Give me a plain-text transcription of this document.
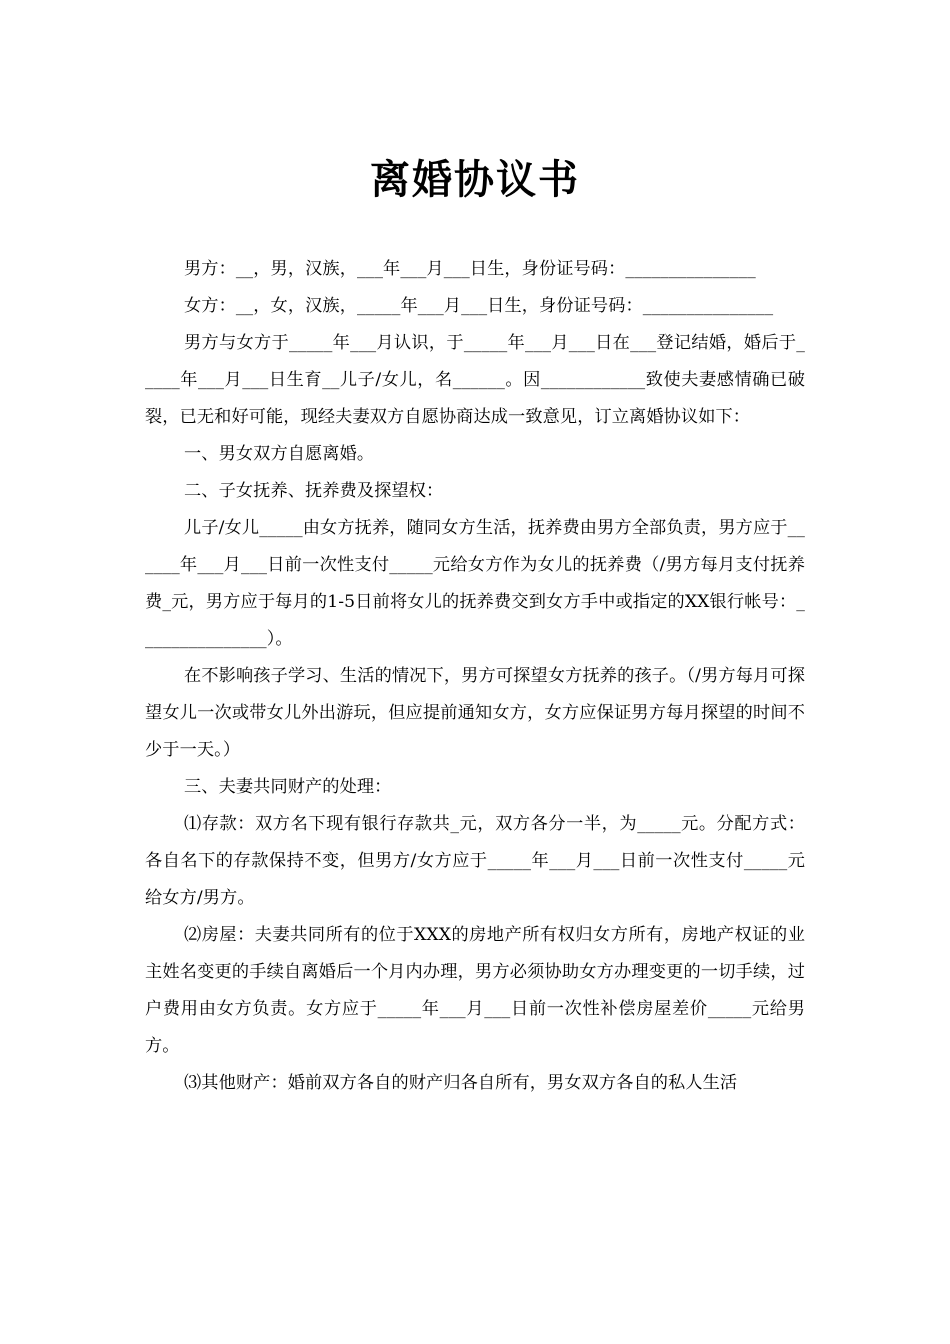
离婚协议书

男方：__，男，汉族，___年___月___日生，身份证号码：_______________

女方：__，女，汉族，_____年___月___日生，身份证号码：_______________

男方与女方于_____年___月认识，于_____年___月___日在___登记结婚，婚后于_____年___月___日生育__儿子/女儿，名______。因____________致使夫妻感情确已破裂，已无和好可能，现经夫妻双方自愿协商达成一致意见，订立离婚协议如下：

一、男女双方自愿离婚。

二、子女抚养、抚养费及探望权：

儿子/女儿_____由女方抚养，随同女方生活，抚养费由男方全部负责，男方应于______年___月___日前一次性支付_____元给女方作为女儿的抚养费（/男方每月支付抚养费_元，男方应于每月的1-5日前将女儿的抚养费交到女方手中或指定的XX银行帐号：_______________）。

在不影响孩子学习、生活的情况下，男方可探望女方抚养的孩子。（/男方每月可探望女儿一次或带女儿外出游玩，但应提前通知女方，女方应保证男方每月探望的时间不少于一天。）

三、夫妻共同财产的处理：

⑴存款：双方名下现有银行存款共_元，双方各分一半，为_____元。分配方式：各自名下的存款保持不变，但男方/女方应于_____年___月___日前一次性支付_____元给女方/男方。

⑵房屋：夫妻共同所有的位于XXX的房地产所有权归女方所有，房地产权证的业主姓名变更的手续自离婚后一个月内办理，男方必须协助女方办理变更的一切手续，过户费用由女方负责。女方应于_____年___月___日前一次性补偿房屋差价_____元给男方。

⑶其他财产：婚前双方各自的财产归各自所有，男女双方各自的私人生活
